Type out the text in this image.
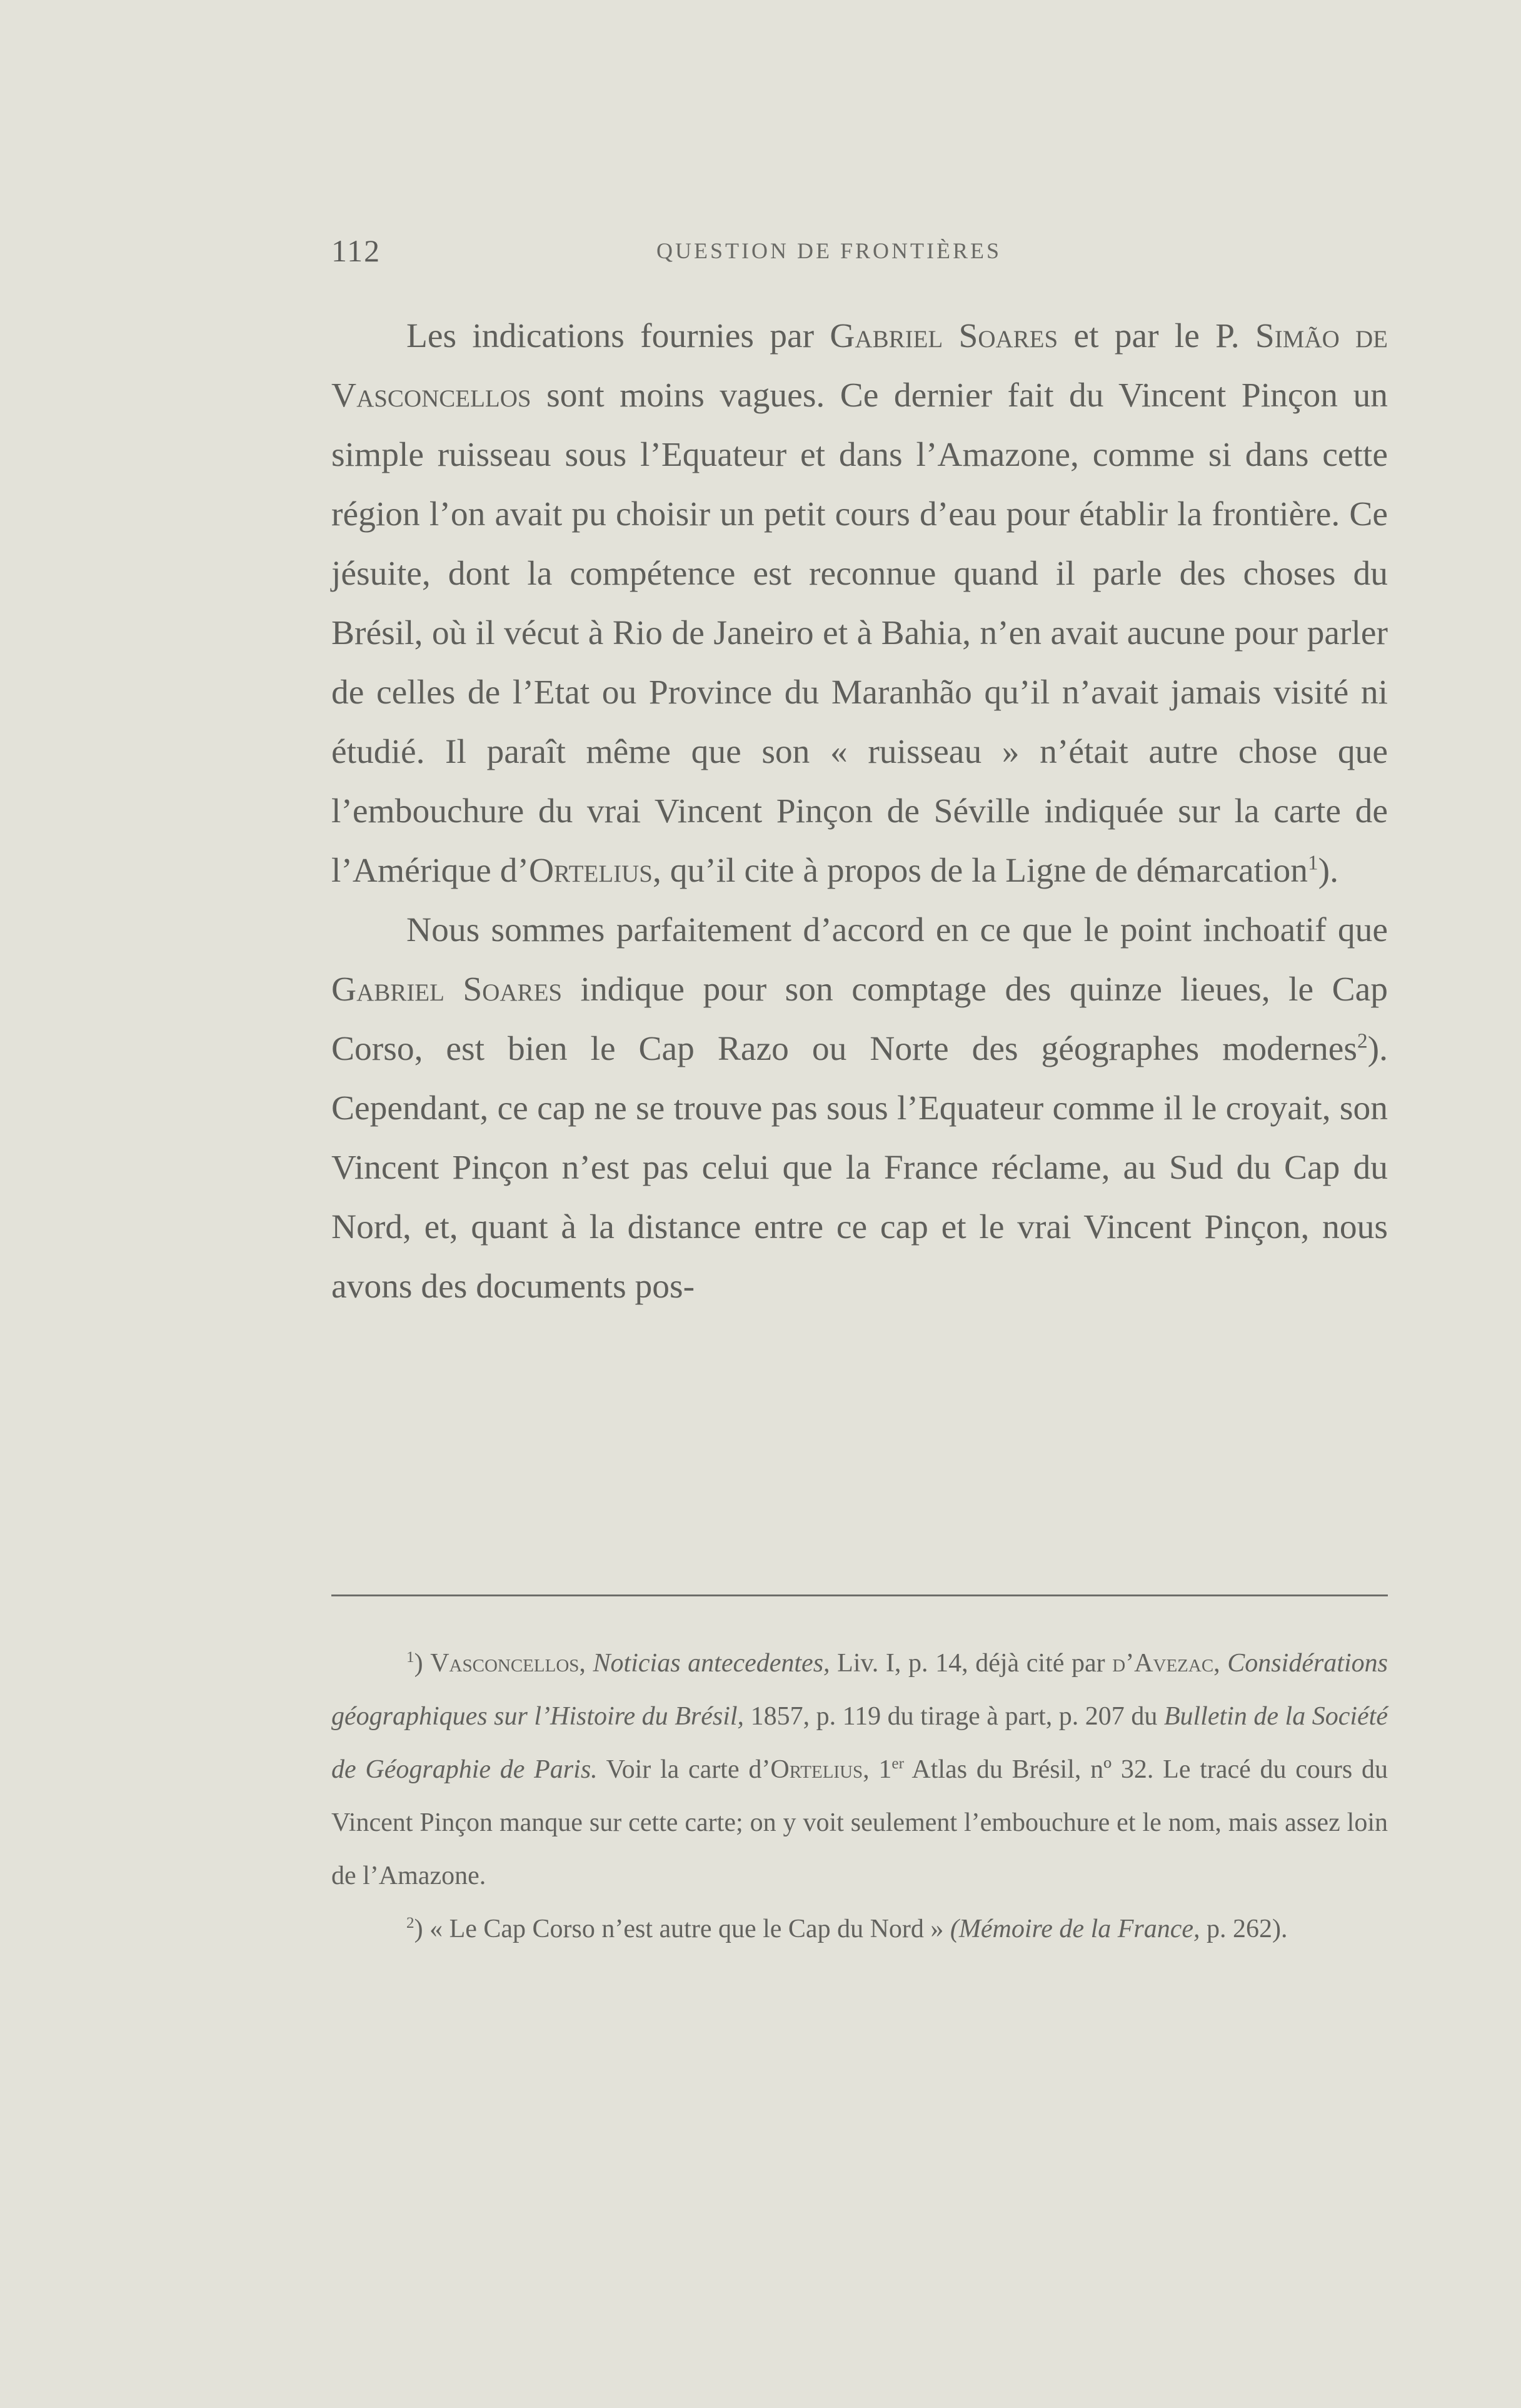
112	QUESTION DE FRONTIÈRES

Les indications fournies par Gabriel Soares et par le P. Simão de Vasconcellos sont moins vagues. Ce dernier fait du Vincent Pinçon un simple ruisseau sous l’Equateur et dans l’Amazone, comme si dans cette région l’on avait pu choisir un petit cours d’eau pour établir la frontière. Ce jésuite, dont la compétence est reconnue quand il parle des choses du Brésil, où il vécut à Rio de Janeiro et à Bahia, n’en avait aucune pour parler de celles de l’Etat ou Province du Maranhão qu’il n’avait jamais visité ni étudié. Il paraît même que son « ruisseau » n’était autre chose que l’embouchure du vrai Vincent Pinçon de Séville indiquée sur la carte de l’Amérique d’Ortelius, qu’il cite à propos de la Ligne de démarcation$^1$).

Nous sommes parfaitement d’accord en ce que le point inchoatif que Gabriel Soares indique pour son comptage des quinze lieues, le Cap Corso, est bien le Cap Razo ou Norte des géographes modernes$^2$). Cependant, ce cap ne se trouve pas sous l’Equateur comme il le croyait, son Vincent Pinçon n’est pas celui que la France réclame, au Sud du Cap du Nord, et, quant à la distance entre ce cap et le vrai Vincent Pinçon, nous avons des documents pos-

$^1$) Vasconcellos, Noticias antecedentes, Liv. I, p. 14, déjà cité par d’Avezac, Considérations géographiques sur l’Histoire du Brésil, 1857, p. 119 du tirage à part, p. 207 du Bulletin de la Société de Géographie de Paris. Voir la carte d’Ortelius, 1er Atlas du Brésil, nº 32. Le tracé du cours du Vincent Pinçon manque sur cette carte; on y voit seulement l’embouchure et le nom, mais assez loin de l’Amazone.

$^2$) « Le Cap Corso n’est autre que le Cap du Nord » (Mémoire de la France, p. 262).
